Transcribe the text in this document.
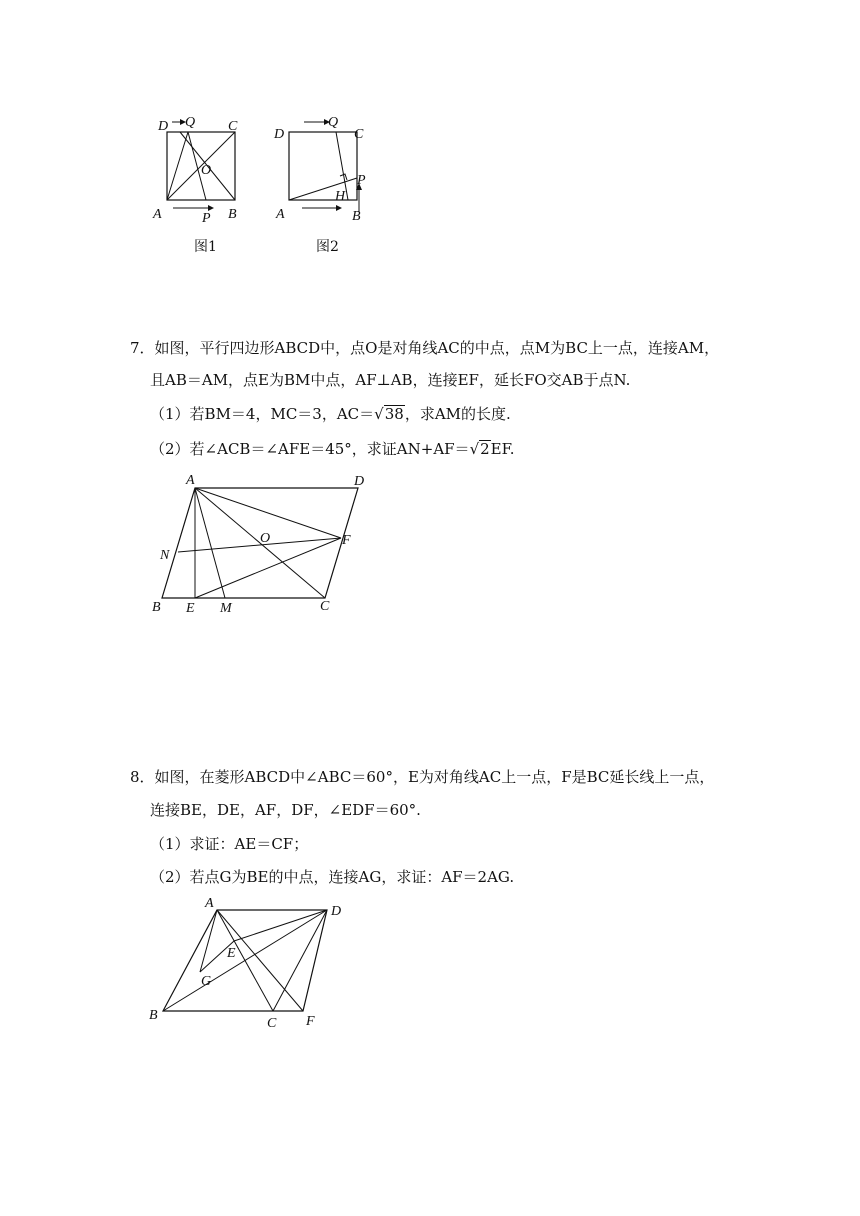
D Q C
O
A	P B
图1
D
Q
C
H
P
A	B
图2
7．如图，平行四边形ABCD中，点O是对角线AC的中点，点M为BC上一点，连接AM，
且AB＝AM，点E为BM中点，AF⊥AB，连接EF，延长FO交AB于点N.
（1）若BM＝4，MC＝3，AC＝√38，求AM的长度.
（2）若∠ACB＝∠AFE＝45°，求证AN+AF＝√2EF.
A	D
N
O	F
B E M	C
8．如图，在菱形ABCD中∠ABC＝60°，E为对角线AC上一点，F是BC延长线上一点，
连接BE，DE，AF，DF，∠EDF＝60°.
（1）求证：AE＝CF；
（2）若点G为BE的中点，连接AG，求证：AF＝2AG.
A
D
E
G
B
C F
